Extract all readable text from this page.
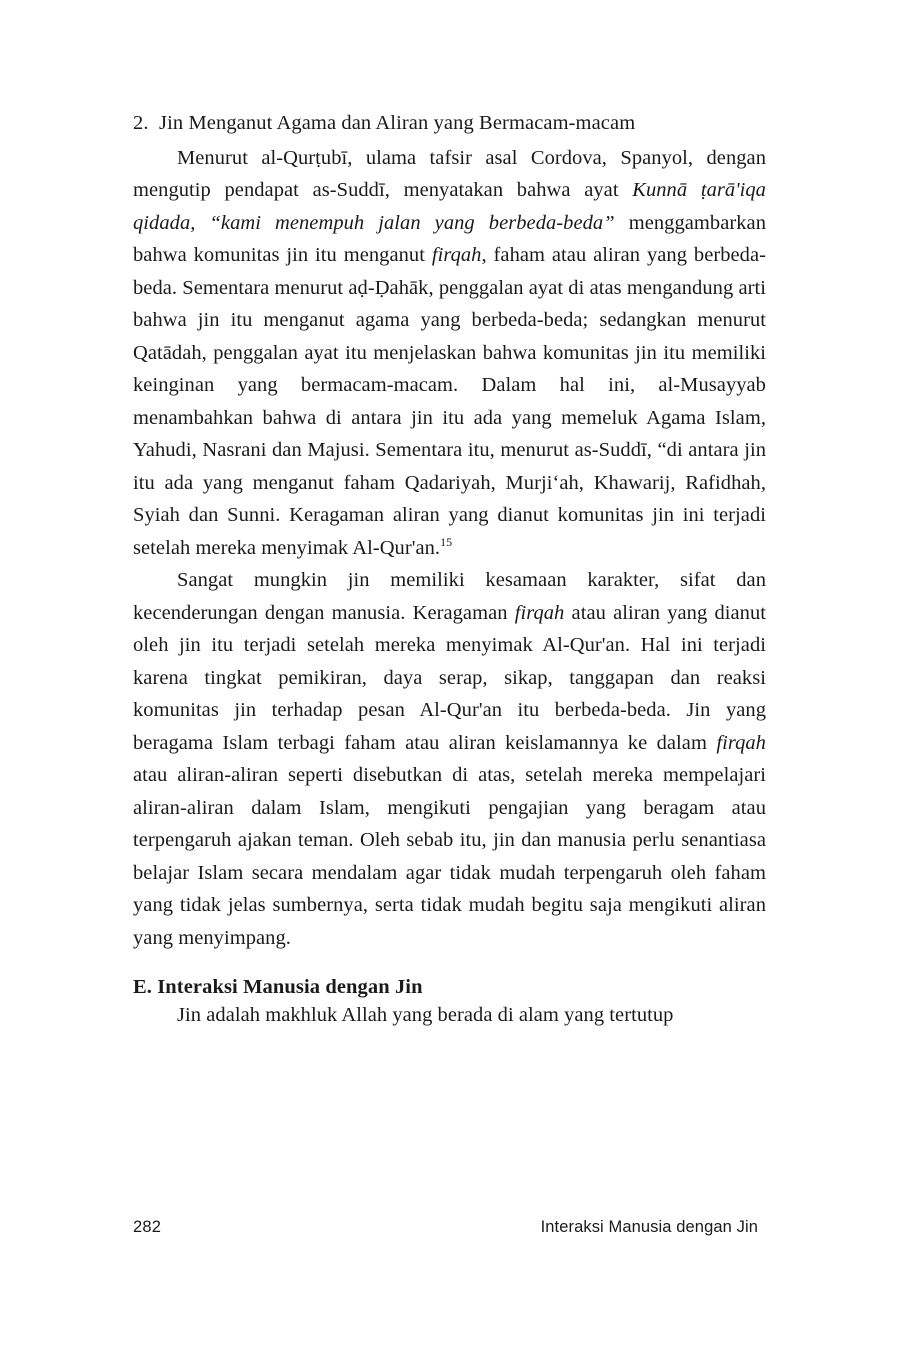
2. Jin Menganut Agama dan Aliran yang Bermacam-macam

Menurut al-Qurṭubī, ulama tafsir asal Cordova, Spanyol, dengan mengutip pendapat as-Suddī, menyatakan bahwa ayat Kunnā ṭarā'iqa qidada, “kami menempuh jalan yang berbeda-beda” menggambarkan bahwa komunitas jin itu menganut firqah, faham atau aliran yang berbeda-beda. Sementara menurut aḍ-Ḍahāk, penggalan ayat di atas mengandung arti bahwa jin itu menganut agama yang berbeda-beda; sedangkan menurut Qatādah, penggalan ayat itu menjelaskan bahwa komunitas jin itu memiliki keinginan yang bermacam-macam. Dalam hal ini, al-Musayyab menambahkan bahwa di antara jin itu ada yang memeluk Agama Islam, Yahudi, Nasrani dan Majusi. Sementara itu, menurut as-Suddī, “di antara jin itu ada yang menganut faham Qadariyah, Murji‘ah, Khawarij, Rafidhah, Syiah dan Sunni. Keragaman aliran yang dianut komunitas jin ini terjadi setelah mereka menyimak Al-Qur'an.$^{15}$

Sangat mungkin jin memiliki kesamaan karakter, sifat dan kecenderungan dengan manusia. Keragaman firqah atau aliran yang dianut oleh jin itu terjadi setelah mereka menyimak Al-Qur'an. Hal ini terjadi karena tingkat pemikiran, daya serap, sikap, tanggapan dan reaksi komunitas jin terhadap pesan Al-Qur'an itu berbeda-beda. Jin yang beragama Islam terbagi faham atau aliran keislamannya ke dalam firqah atau aliran-aliran seperti disebutkan di atas, setelah mereka mempelajari aliran-aliran dalam Islam, mengikuti pengajian yang beragam atau terpengaruh ajakan teman. Oleh sebab itu, jin dan manusia perlu senantiasa belajar Islam secara mendalam agar tidak mudah terpengaruh oleh faham yang tidak jelas sumbernya, serta tidak mudah begitu saja mengikuti aliran yang menyimpang.

E. Interaksi Manusia dengan Jin

Jin adalah makhluk Allah yang berada di alam yang tertutup

282	Interaksi Manusia dengan Jin
